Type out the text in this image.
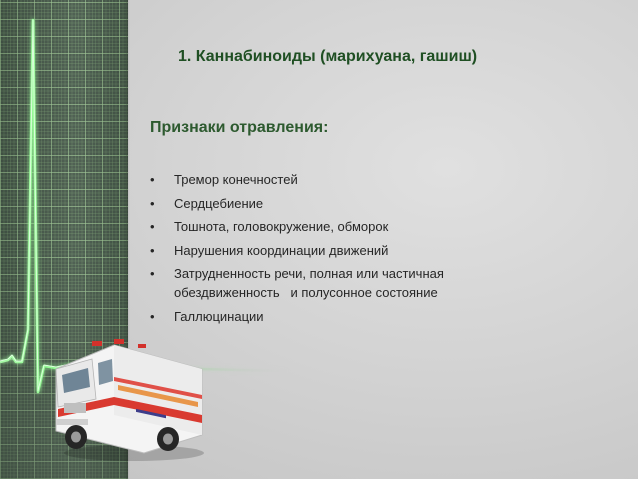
1. Каннабиноиды (марихуана, гашиш)
Признаки отравления:
• Тремор конечностей
• Сердцебиение
• Тошнота, головокружение, обморок
• Нарушения координации движений
• Затрудненность речи, полная или частичная
обездвиженность   и полусонное состояние
• Галлюцинации
